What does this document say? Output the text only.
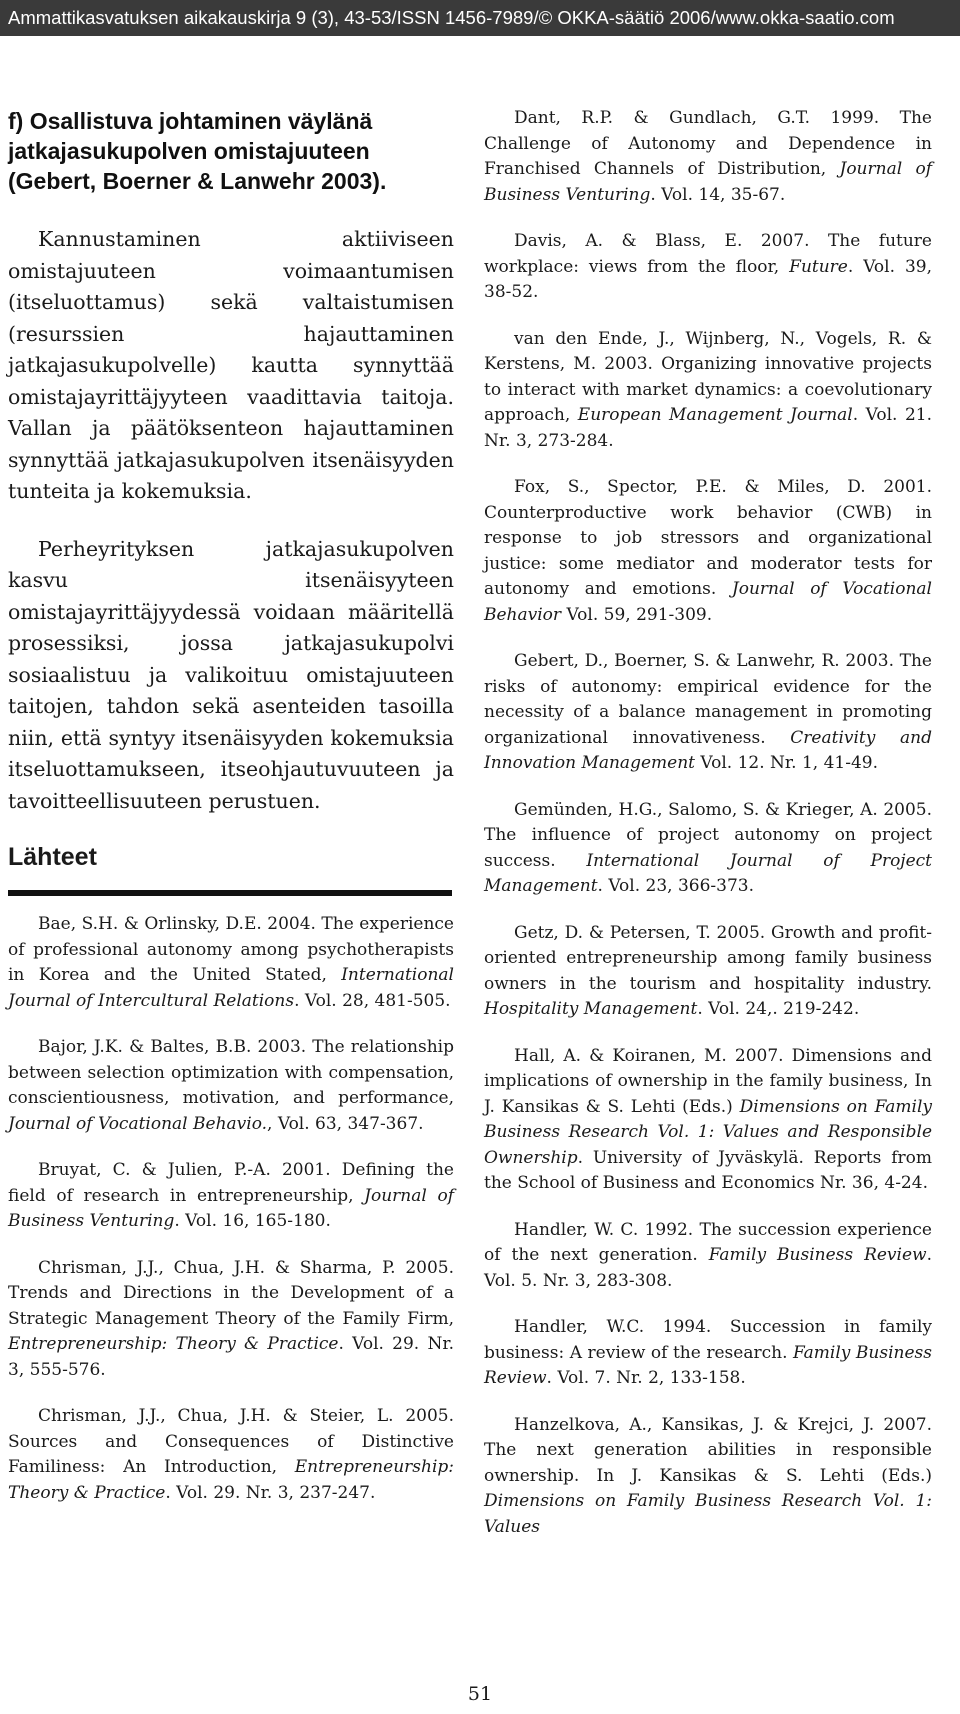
Ammattikasvatuksen aikakauskirja 9 (3), 43-53/ISSN 1456-7989/© OKKA-säätiö 2006/www.okka-saatio.com
f) Osallistuva johtaminen väylänä jatkajasukupolven omistajuuteen (Gebert, Boerner & Lanwehr 2003).

Kannustaminen aktiiviseen omistajuuteen voimaantumisen (itseluottamus) sekä valtaistumisen (resurssien hajauttaminen jatkajasukupolvelle) kautta synnyttää omistajayrittäjyyteen vaadittavia taitoja. Vallan ja päätöksenteon hajauttaminen synnyttää jatkajasukupolven itsenäisyyden tunteita ja kokemuksia.

Perheyrityksen jatkajasukupolven kasvu itsenäisyyteen omistajayrittäjyydessä voidaan määritellä prosessiksi, jossa jatkajasukupolvi sosiaalistuu ja valikoituu omistajuuteen taitojen, tahdon sekä asenteiden tasoilla niin, että syntyy itsenäisyyden kokemuksia itseluottamukseen, itseohjautuvuuteen ja tavoitteellisuuteen perustuen.

Lähteet

Bae, S.H. & Orlinsky, D.E. 2004. The experience of professional autonomy among psychotherapists in Korea and the United Stated, International Journal of Intercultural Relations. Vol. 28, 481-505.

Bajor, J.K. & Baltes, B.B. 2003. The relationship between selection optimization with compensation, conscientiousness, motivation, and performance, Journal of Vocational Behavio., Vol. 63, 347-367.

Bruyat, C. & Julien, P.-A. 2001. Defining the field of research in entrepreneurship, Journal of Business Venturing. Vol. 16, 165-180.

Chrisman, J.J., Chua, J.H. & Sharma, P. 2005. Trends and Directions in the Development of a Strategic Management Theory of the Family Firm, Entrepreneurship: Theory & Practice. Vol. 29. Nr. 3, 555-576.

Chrisman, J.J., Chua, J.H. & Steier, L. 2005. Sources and Consequences of Distinctive Familiness: An Introduction, Entrepreneurship: Theory & Practice. Vol. 29. Nr. 3, 237-247.

Dant, R.P. & Gundlach, G.T. 1999. The Challenge of Autonomy and Dependence in Franchised Channels of Distribution, Journal of Business Venturing. Vol. 14, 35-67.

Davis, A. & Blass, E. 2007. The future workplace: views from the floor, Future. Vol. 39, 38-52.

van den Ende, J., Wijnberg, N., Vogels, R. & Kerstens, M. 2003. Organizing innovative projects to interact with market dynamics: a coevolutionary approach, European Management Journal. Vol. 21. Nr. 3, 273-284.

Fox, S., Spector, P.E. & Miles, D. 2001. Counterproductive work behavior (CWB) in response to job stressors and organizational justice: some mediator and moderator tests for autonomy and emotions. Journal of Vocational Behavior Vol. 59, 291-309.

Gebert, D., Boerner, S. & Lanwehr, R. 2003. The risks of autonomy: empirical evidence for the necessity of a balance management in promoting organizational innovativeness. Creativity and Innovation Management Vol. 12. Nr. 1, 41-49.

Gemünden, H.G., Salomo, S. & Krieger, A. 2005. The influence of project autonomy on project success. International Journal of Project Management. Vol. 23, 366-373.

Getz, D. & Petersen, T. 2005. Growth and profit-oriented entrepreneurship among family business owners in the tourism and hospitality industry. Hospitality Management. Vol. 24,. 219-242.

Hall, A. & Koiranen, M. 2007. Dimensions and implications of ownership in the family business, In J. Kansikas & S. Lehti (Eds.) Dimensions on Family Business Research Vol. 1: Values and Responsible Ownership. University of Jyväskylä. Reports from the School of Business and Economics Nr. 36, 4-24.

Handler, W. C. 1992. The succession experience of the next generation. Family Business Review. Vol. 5. Nr. 3, 283-308.

Handler, W.C. 1994. Succession in family business: A review of the research. Family Business Review. Vol. 7. Nr. 2, 133-158.

Hanzelkova, A., Kansikas, J. & Krejci, J. 2007. The next generation abilities in responsible ownership. In J. Kansikas & S. Lehti (Eds.) Dimensions on Family Business Research Vol. 1: Values

51
